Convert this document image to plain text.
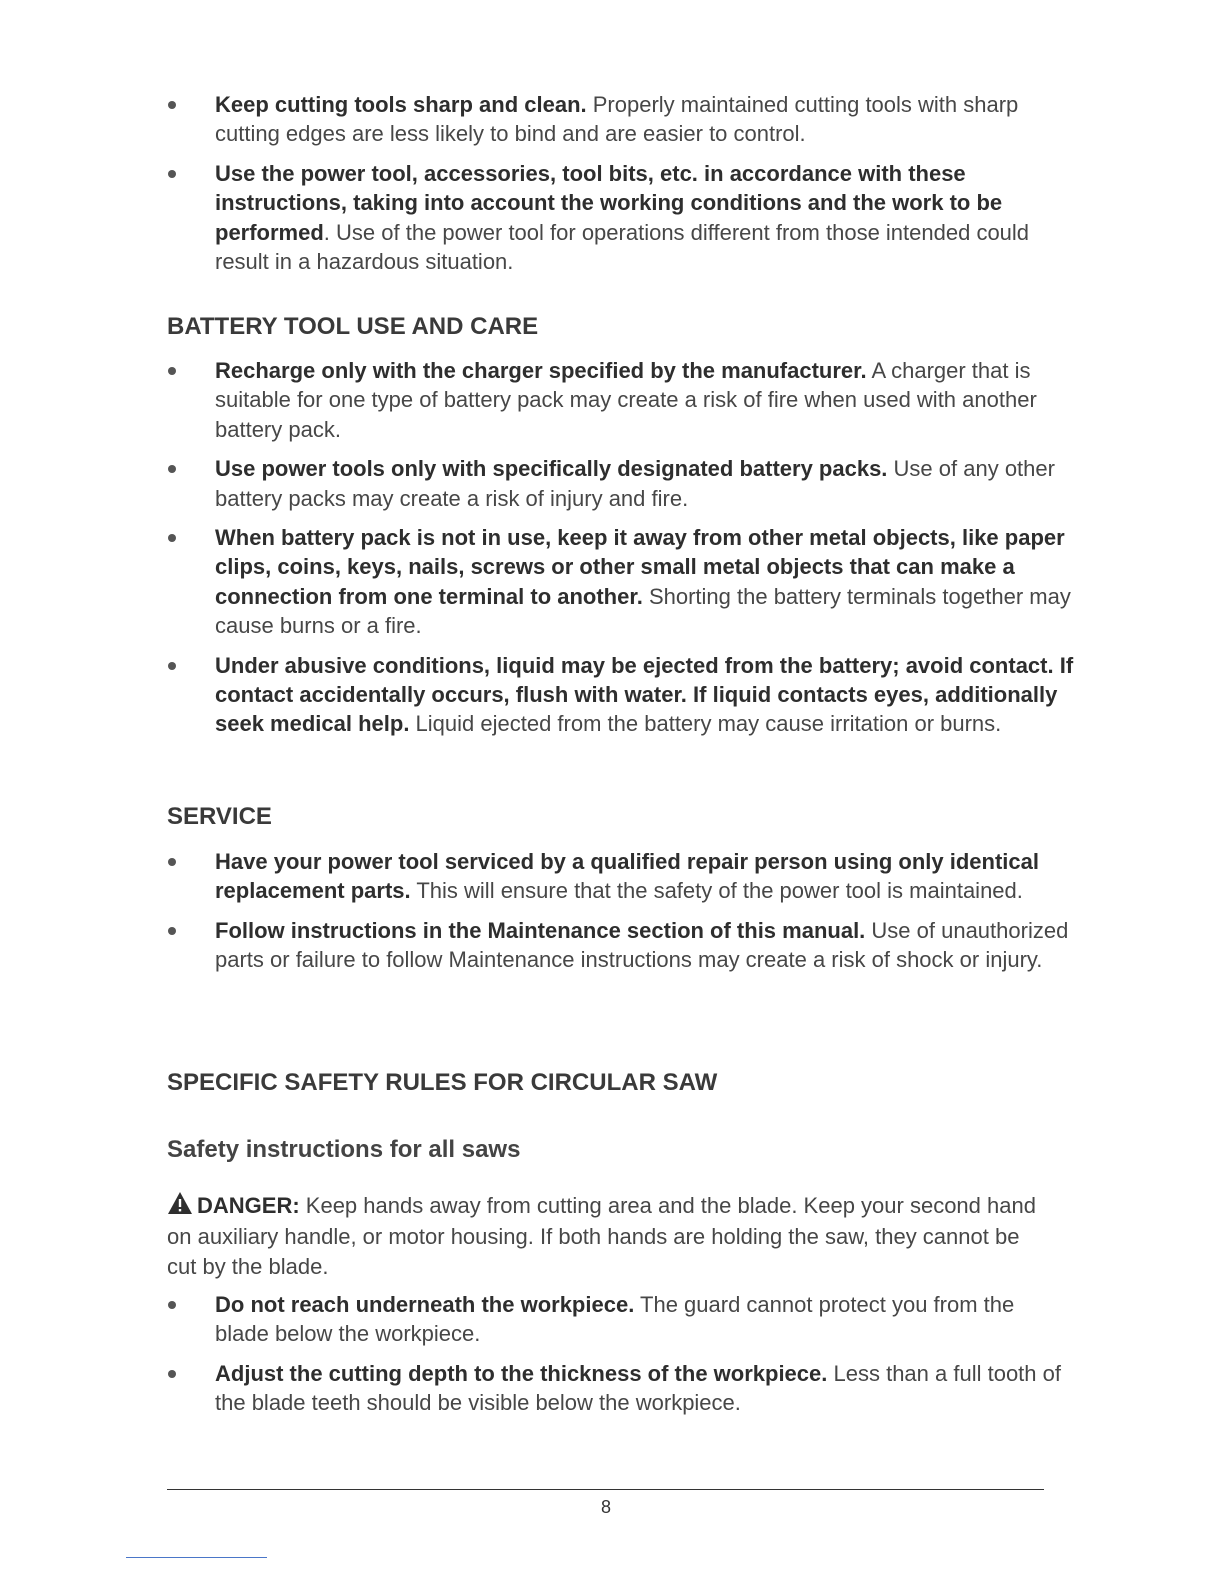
Keep cutting tools sharp and clean. Properly maintained cutting tools with sharp cutting edges are less likely to bind and are easier to control.
Use the power tool, accessories, tool bits, etc. in accordance with these instructions, taking into account the working conditions and the work to be performed. Use of the power tool for operations different from those intended could result in a hazardous situation.
BATTERY TOOL USE AND CARE
Recharge only with the charger specified by the manufacturer. A charger that is suitable for one type of battery pack may create a risk of fire when used with another battery pack.
Use power tools only with specifically designated battery packs. Use of any other battery packs may create a risk of injury and fire.
When battery pack is not in use, keep it away from other metal objects, like paper clips, coins, keys, nails, screws or other small metal objects that can make a connection from one terminal to another. Shorting the battery terminals together may cause burns or a fire.
Under abusive conditions, liquid may be ejected from the battery; avoid contact. If contact accidentally occurs, flush with water. If liquid contacts eyes, additionally seek medical help. Liquid ejected from the battery may cause irritation or burns.
SERVICE
Have your power tool serviced by a qualified repair person using only identical replacement parts. This will ensure that the safety of the power tool is maintained.
Follow instructions in the Maintenance section of this manual. Use of unauthorized parts or failure to follow Maintenance instructions may create a risk of shock or injury.
SPECIFIC SAFETY RULES FOR CIRCULAR SAW
Safety instructions for all saws
DANGER: Keep hands away from cutting area and the blade. Keep your second hand on auxiliary handle, or motor housing. If both hands are holding the saw, they cannot be cut by the blade.
Do not reach underneath the workpiece. The guard cannot protect you from the blade below the workpiece.
Adjust the cutting depth to the thickness of the workpiece. Less than a full tooth of the blade teeth should be visible below the workpiece.
8
